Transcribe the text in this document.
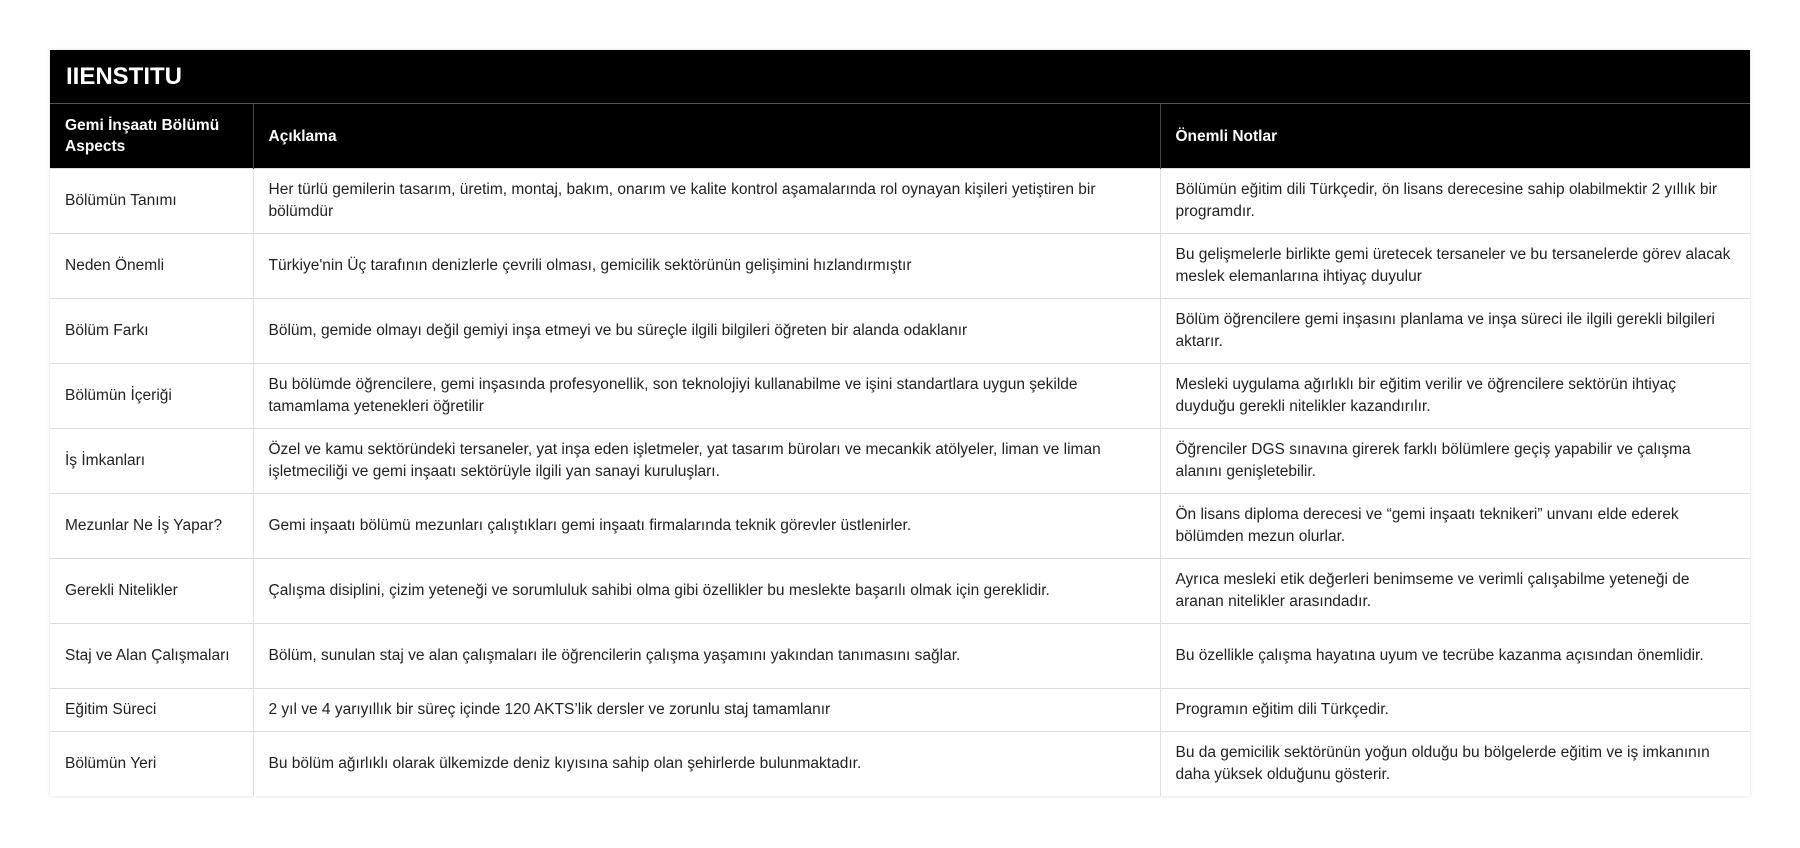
IIENSTITU
Gemi İnşaatı Bölümü Aspects	Açıklama	Önemli Notlar
Bölümün Tanımı	Her türlü gemilerin tasarım, üretim, montaj, bakım, onarım ve kalite kontrol aşamalarında rol oynayan kişileri yetiştiren bir bölümdür	Bölümün eğitim dili Türkçedir, ön lisans derecesine sahip olabilmektir 2 yıllık bir programdır.
Neden Önemli	Türkiye'nin Üç tarafının denizlerle çevrili olması, gemicilik sektörünün gelişimini hızlandırmıştır	Bu gelişmelerle birlikte gemi üretecek tersaneler ve bu tersanelerde görev alacak meslek elemanlarına ihtiyaç duyulur
Bölüm Farkı	Bölüm, gemide olmayı değil gemiyi inşa etmeyi ve bu süreçle ilgili bilgileri öğreten bir alanda odaklanır	Bölüm öğrencilere gemi inşasını planlama ve inşa süreci ile ilgili gerekli bilgileri aktarır.
Bölümün İçeriği	Bu bölümde öğrencilere, gemi inşasında profesyonellik, son teknolojiyi kullanabilme ve işini standartlara uygun şekilde tamamlama yetenekleri öğretilir	Mesleki uygulama ağırlıklı bir eğitim verilir ve öğrencilere sektörün ihtiyaç duyduğu gerekli nitelikler kazandırılır.
İş İmkanları	Özel ve kamu sektöründeki tersaneler, yat inşa eden işletmeler, yat tasarım büroları ve mecankik atölyeler, liman ve liman işletmeciliği ve gemi inşaatı sektörüyle ilgili yan sanayi kuruluşları.	Öğrenciler DGS sınavına girerek farklı bölümlere geçiş yapabilir ve çalışma alanını genişletebilir.
Mezunlar Ne İş Yapar?	Gemi inşaatı bölümü mezunları çalıştıkları gemi inşaatı firmalarında teknik görevler üstlenirler.	Ön lisans diploma derecesi ve “gemi inşaatı teknikeri” unvanı elde ederek bölümden mezun olurlar.
Gerekli Nitelikler	Çalışma disiplini, çizim yeteneği ve sorumluluk sahibi olma gibi özellikler bu meslekte başarılı olmak için gereklidir.	Ayrıca mesleki etik değerleri benimseme ve verimli çalışabilme yeteneği de aranan nitelikler arasındadır.
Staj ve Alan Çalışmaları	Bölüm, sunulan staj ve alan çalışmaları ile öğrencilerin çalışma yaşamını yakından tanımasını sağlar.	Bu özellikle çalışma hayatına uyum ve tecrübe kazanma açısından önemlidir.
Eğitim Süreci	2 yıl ve 4 yarıyıllık bir süreç içinde 120 AKTS’lik dersler ve zorunlu staj tamamlanır	Programın eğitim dili Türkçedir.
Bölümün Yeri	Bu bölüm ağırlıklı olarak ülkemizde deniz kıyısına sahip olan şehirlerde bulunmaktadır.	Bu da gemicilik sektörünün yoğun olduğu bu bölgelerde eğitim ve iş imkanının daha yüksek olduğunu gösterir.
